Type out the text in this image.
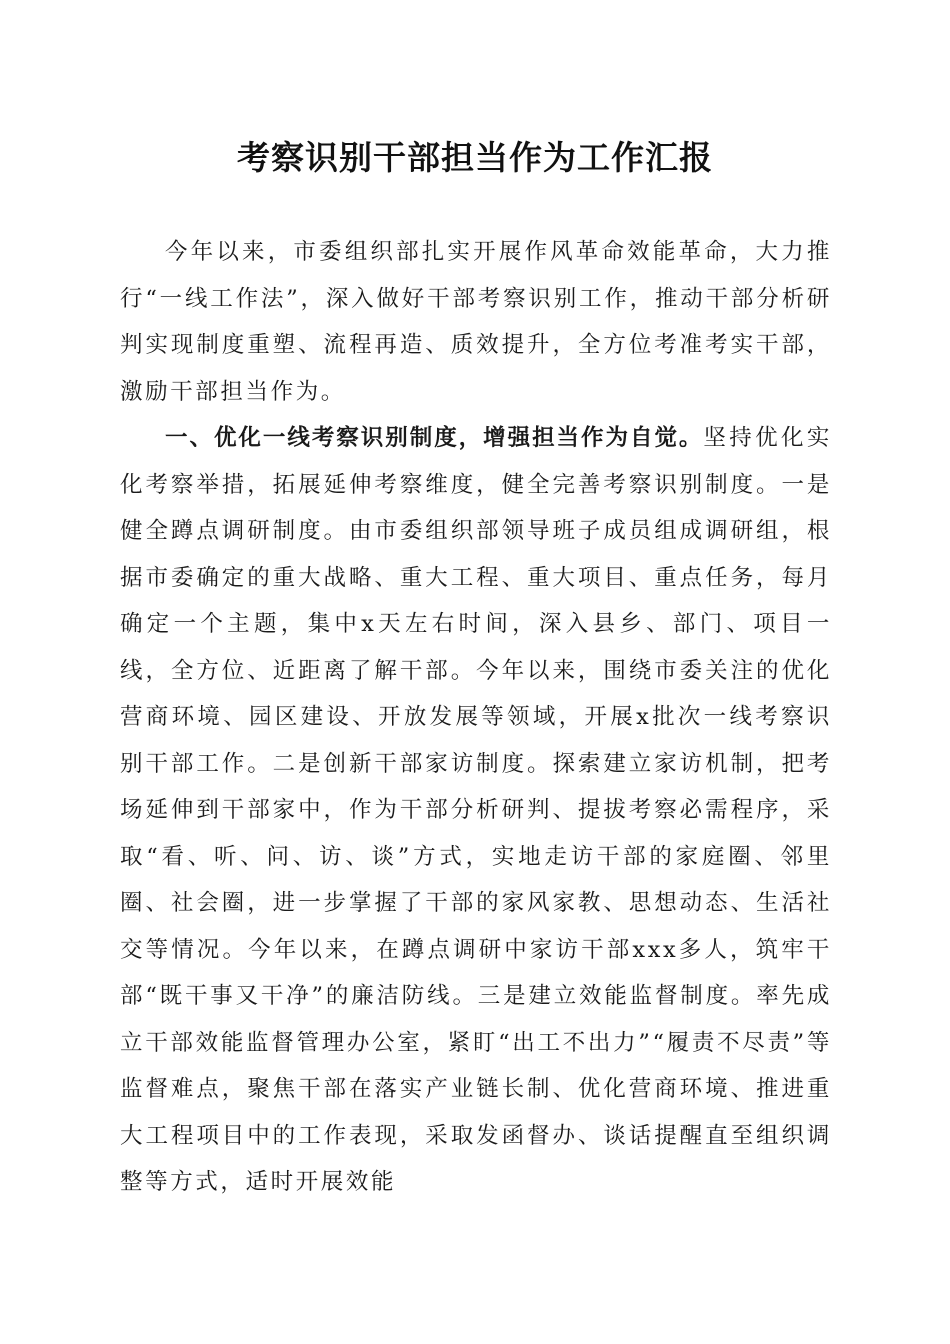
考察识别干部担当作为工作汇报

今年以来，市委组织部扎实开展作风革命效能革命，大力推行“一线工作法”，深入做好干部考察识别工作，推动干部分析研判实现制度重塑、流程再造、质效提升，全方位考准考实干部，激励干部担当作为。

一、优化一线考察识别制度，增强担当作为自觉。坚持优化实化考察举措，拓展延伸考察维度，健全完善考察识别制度。一是健全蹲点调研制度。由市委组织部领导班子成员组成调研组，根据市委确定的重大战略、重大工程、重大项目、重点任务，每月确定一个主题，集中x天左右时间，深入县乡、部门、项目一线，全方位、近距离了解干部。今年以来，围绕市委关注的优化营商环境、园区建设、开放发展等领域，开展x批次一线考察识别干部工作。二是创新干部家访制度。探索建立家访机制，把考场延伸到干部家中，作为干部分析研判、提拔考察必需程序，采取“看、听、问、访、谈”方式，实地走访干部的家庭圈、邻里圈、社会圈，进一步掌握了干部的家风家教、思想动态、生活社交等情况。今年以来，在蹲点调研中家访干部xxx多人，筑牢干部“既干事又干净”的廉洁防线。三是建立效能监督制度。率先成立干部效能监督管理办公室，紧盯“出工不出力”“履责不尽责”等监督难点，聚焦干部在落实产业链长制、优化营商环境、推进重大工程项目中的工作表现，采取发函督办、谈话提醒直至组织调整等方式，适时开展效能
